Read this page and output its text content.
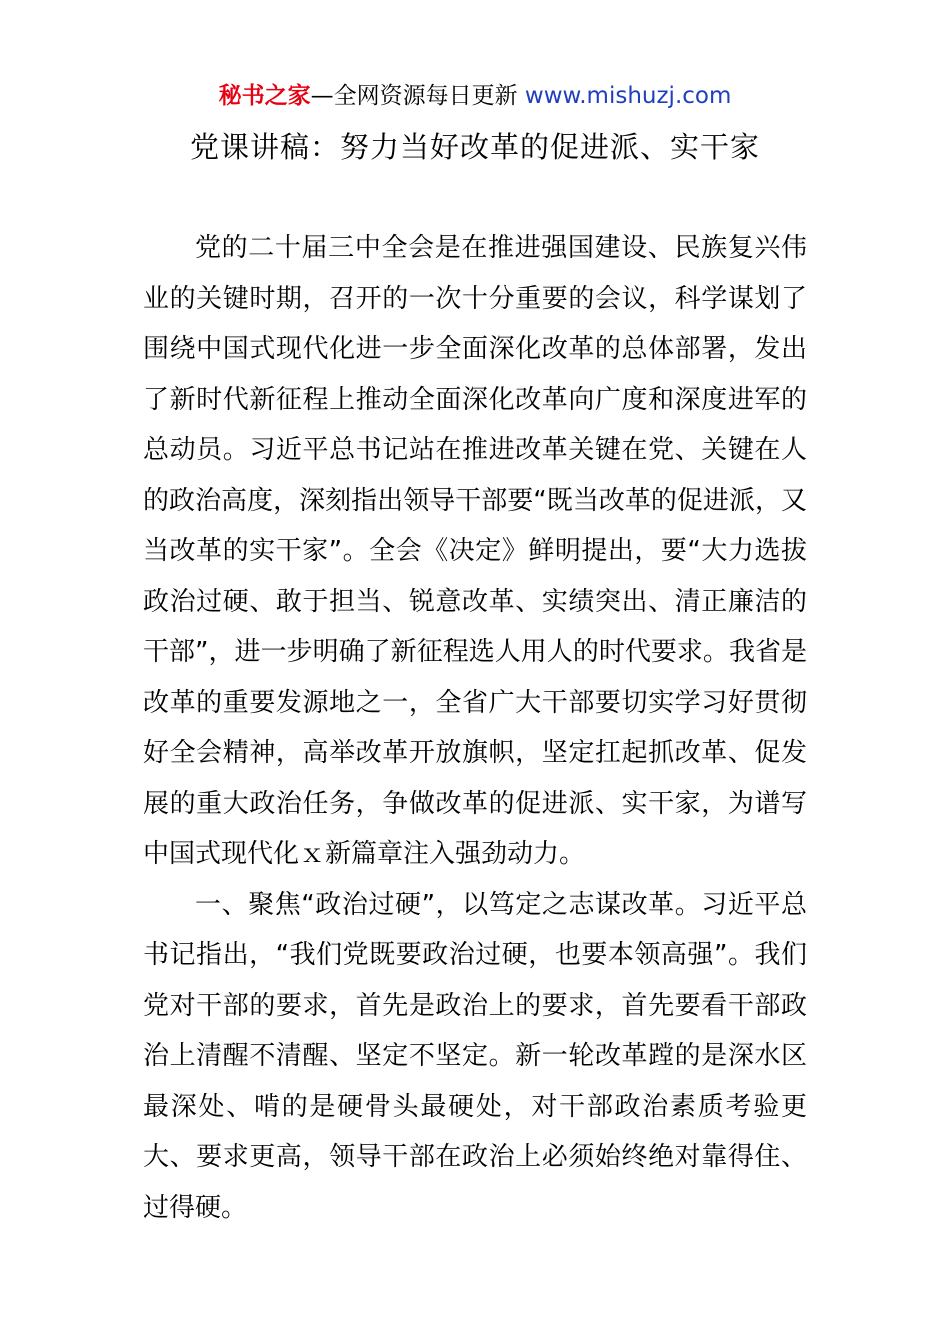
秘书之家—全网资源每日更新 www.mishuzj.com
党课讲稿：努力当好改革的促进派、实干家

党的二十届三中全会是在推进强国建设、民族复兴伟业的关键时期，召开的一次十分重要的会议，科学谋划了围绕中国式现代化进一步全面深化改革的总体部署，发出了新时代新征程上推动全面深化改革向广度和深度进军的总动员。习近平总书记站在推进改革关键在党、关键在人的政治高度，深刻指出领导干部要“既当改革的促进派，又当改革的实干家”。全会《决定》鲜明提出，要“大力选拔政治过硬、敢于担当、锐意改革、实绩突出、清正廉洁的干部”，进一步明确了新征程选人用人的时代要求。我省是改革的重要发源地之一，全省广大干部要切实学习好贯彻好全会精神，高举改革开放旗帜，坚定扛起抓改革、促发展的重大政治任务，争做改革的促进派、实干家，为谱写中国式现代化ｘ新篇章注入强劲动力。

一、聚焦“政治过硬”，以笃定之志谋改革。习近平总书记指出，“我们党既要政治过硬，也要本领高强”。我们党对干部的要求，首先是政治上的要求，首先要看干部政治上清醒不清醒、坚定不坚定。新一轮改革蹚的是深水区最深处、啃的是硬骨头最硬处，对干部政治素质考验更大、要求更高，领导干部在政治上必须始终绝对靠得住、过得硬。
